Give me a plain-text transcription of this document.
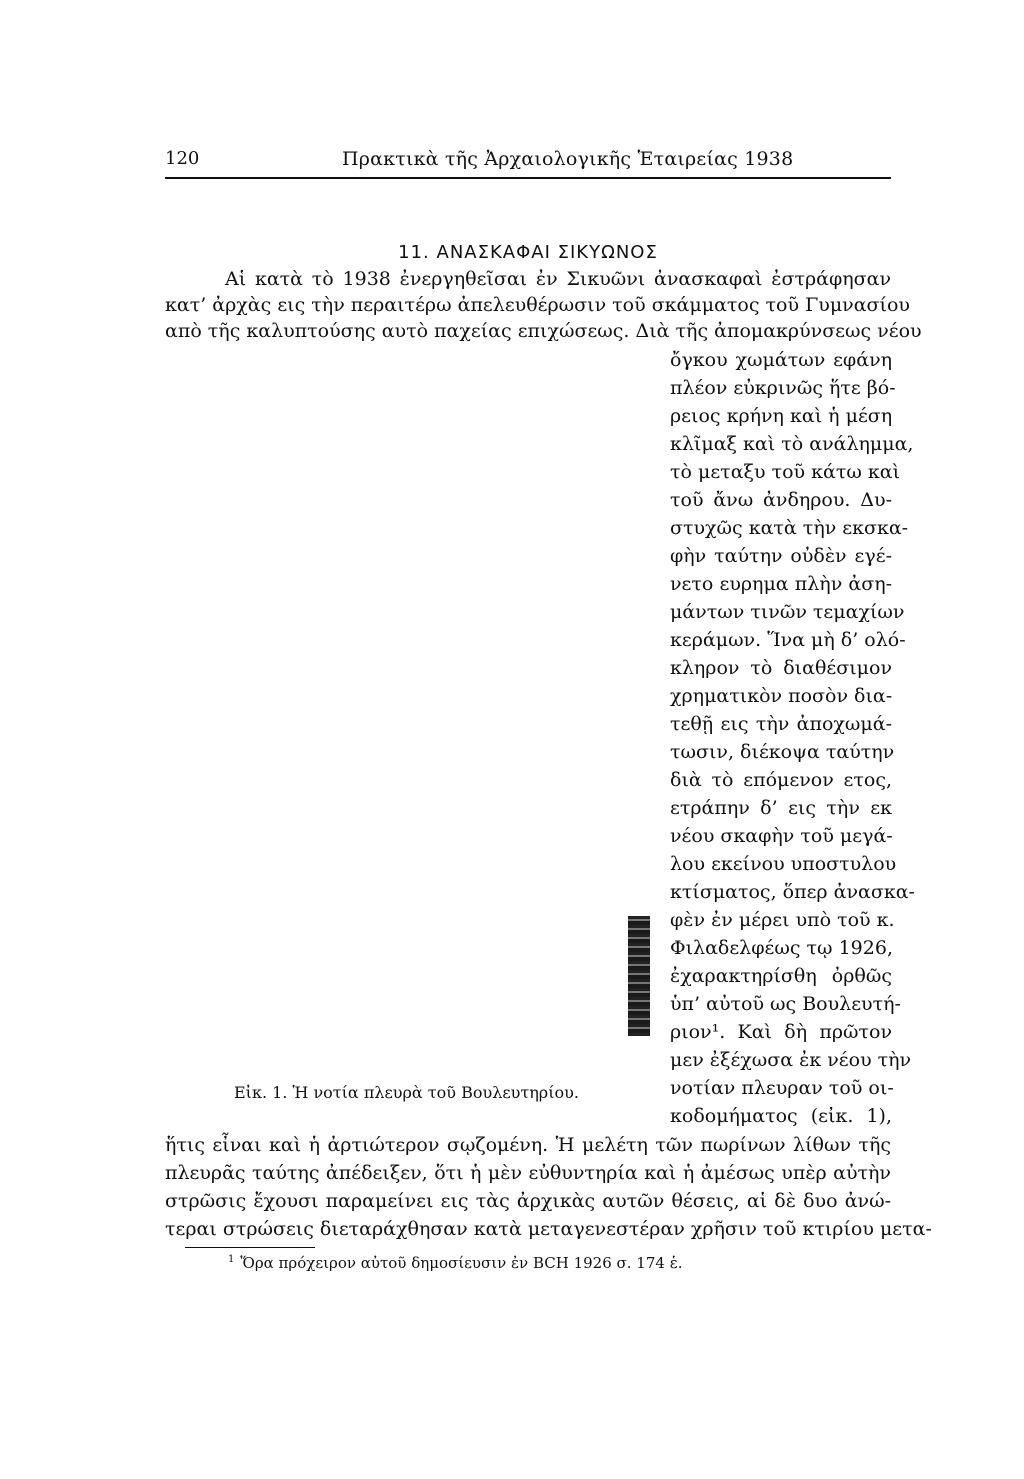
120	Πρακτικὰ τῆς Ἀρχαιολογικῆς Ἑταιρείας 1938
11. ΑΝΑΣΚΑΦΑΙ ΣΙΚΥΩΝΟΣ
Αἱ κατὰ τὸ 1938 ἐνεργηθεῖσαι ἐν Σικυῶνι ἀνασκαφαὶ ἐστράφησαν
κατ’ ἀρχὰς εις τὴν περαιτέρω ἀπελευθέρωσιν τοῦ σκάμματος τοῦ Γυμνασίου
απὸ τῆς καλυπτούσης αυτὸ παχείας επιχώσεως. Διὰ τῆς ἀπομακρύνσεως νέου
ὄγκου χωμάτων εφάνη
πλέον εὐκρινῶς ἥτε βό-
ρειος κρήνη καὶ ἡ μέση
κλῖμαξ καὶ τὸ ανάλημμα,
τὸ μεταξυ τοῦ κάτω καὶ
τοῦ ἄνω ἀνδηρου. Δυ-
στυχῶς κατὰ τὴν εκσκα-
φὴν ταύτην οὐδὲν εγέ-
νετο ευρημα πλὴν ἀση-
μάντων τινῶν τεμαχίων
κεράμων. Ἵνα μὴ δ’ ολό-
κληρον τὸ διαθέσιμον
χρηματικὸν ποσὸν δια-
τεθῇ εις τὴν ἀποχωμά-
τωσιν, διέκοψα ταύτην
διὰ τὸ επόμενον ετος,
ετράπην δ’ εις τὴν εκ
νέου σκαφὴν τοῦ μεγά-
λου εκείνου υποστυλου
κτίσματος, ὅπερ ἀνασκα-
φὲν ἐν μέρει υπὸ τοῦ κ.
Φιλαδελφέως τῳ 1926,
ἐχαρακτηρίσθη ὀρθῶς
ὑπ’ αὐτοῦ ως Βουλευτή-
ριον¹. Καὶ δὴ πρῶτον
μεν ἐξέχωσα ἐκ νέου τὴν
νοτίαν πλευραν τοῦ οι-
κοδομήματος (εἰκ. 1),
Εἰκ. 1. Ἡ νοτία πλευρὰ τοῦ Βουλευτηρίου.
ἥτις εἶναι καὶ ἡ ἀρτιώτερον σῳζομένη. Ἡ μελέτη τῶν πωρίνων λίθων τῆς
πλευρᾶς ταύτης ἀπέδειξεν, ὅτι ἡ μὲν εὐθυντηρία καὶ ἡ ἀμέσως υπὲρ αὐτὴν
στρῶσις ἔχουσι παραμείνει εις τὰς ἀρχικὰς αυτῶν θέσεις, αἱ δὲ δυο ἀνώ-
τεραι στρώσεις διεταράχθησαν κατὰ μεταγενεστέραν χρῆσιν τοῦ κτιρίου μετα-
$^1$ Ὅρα πρόχειρον αὐτοῦ δημοσίευσιν ἐν BCH 1926 σ. 174 ἑ.
